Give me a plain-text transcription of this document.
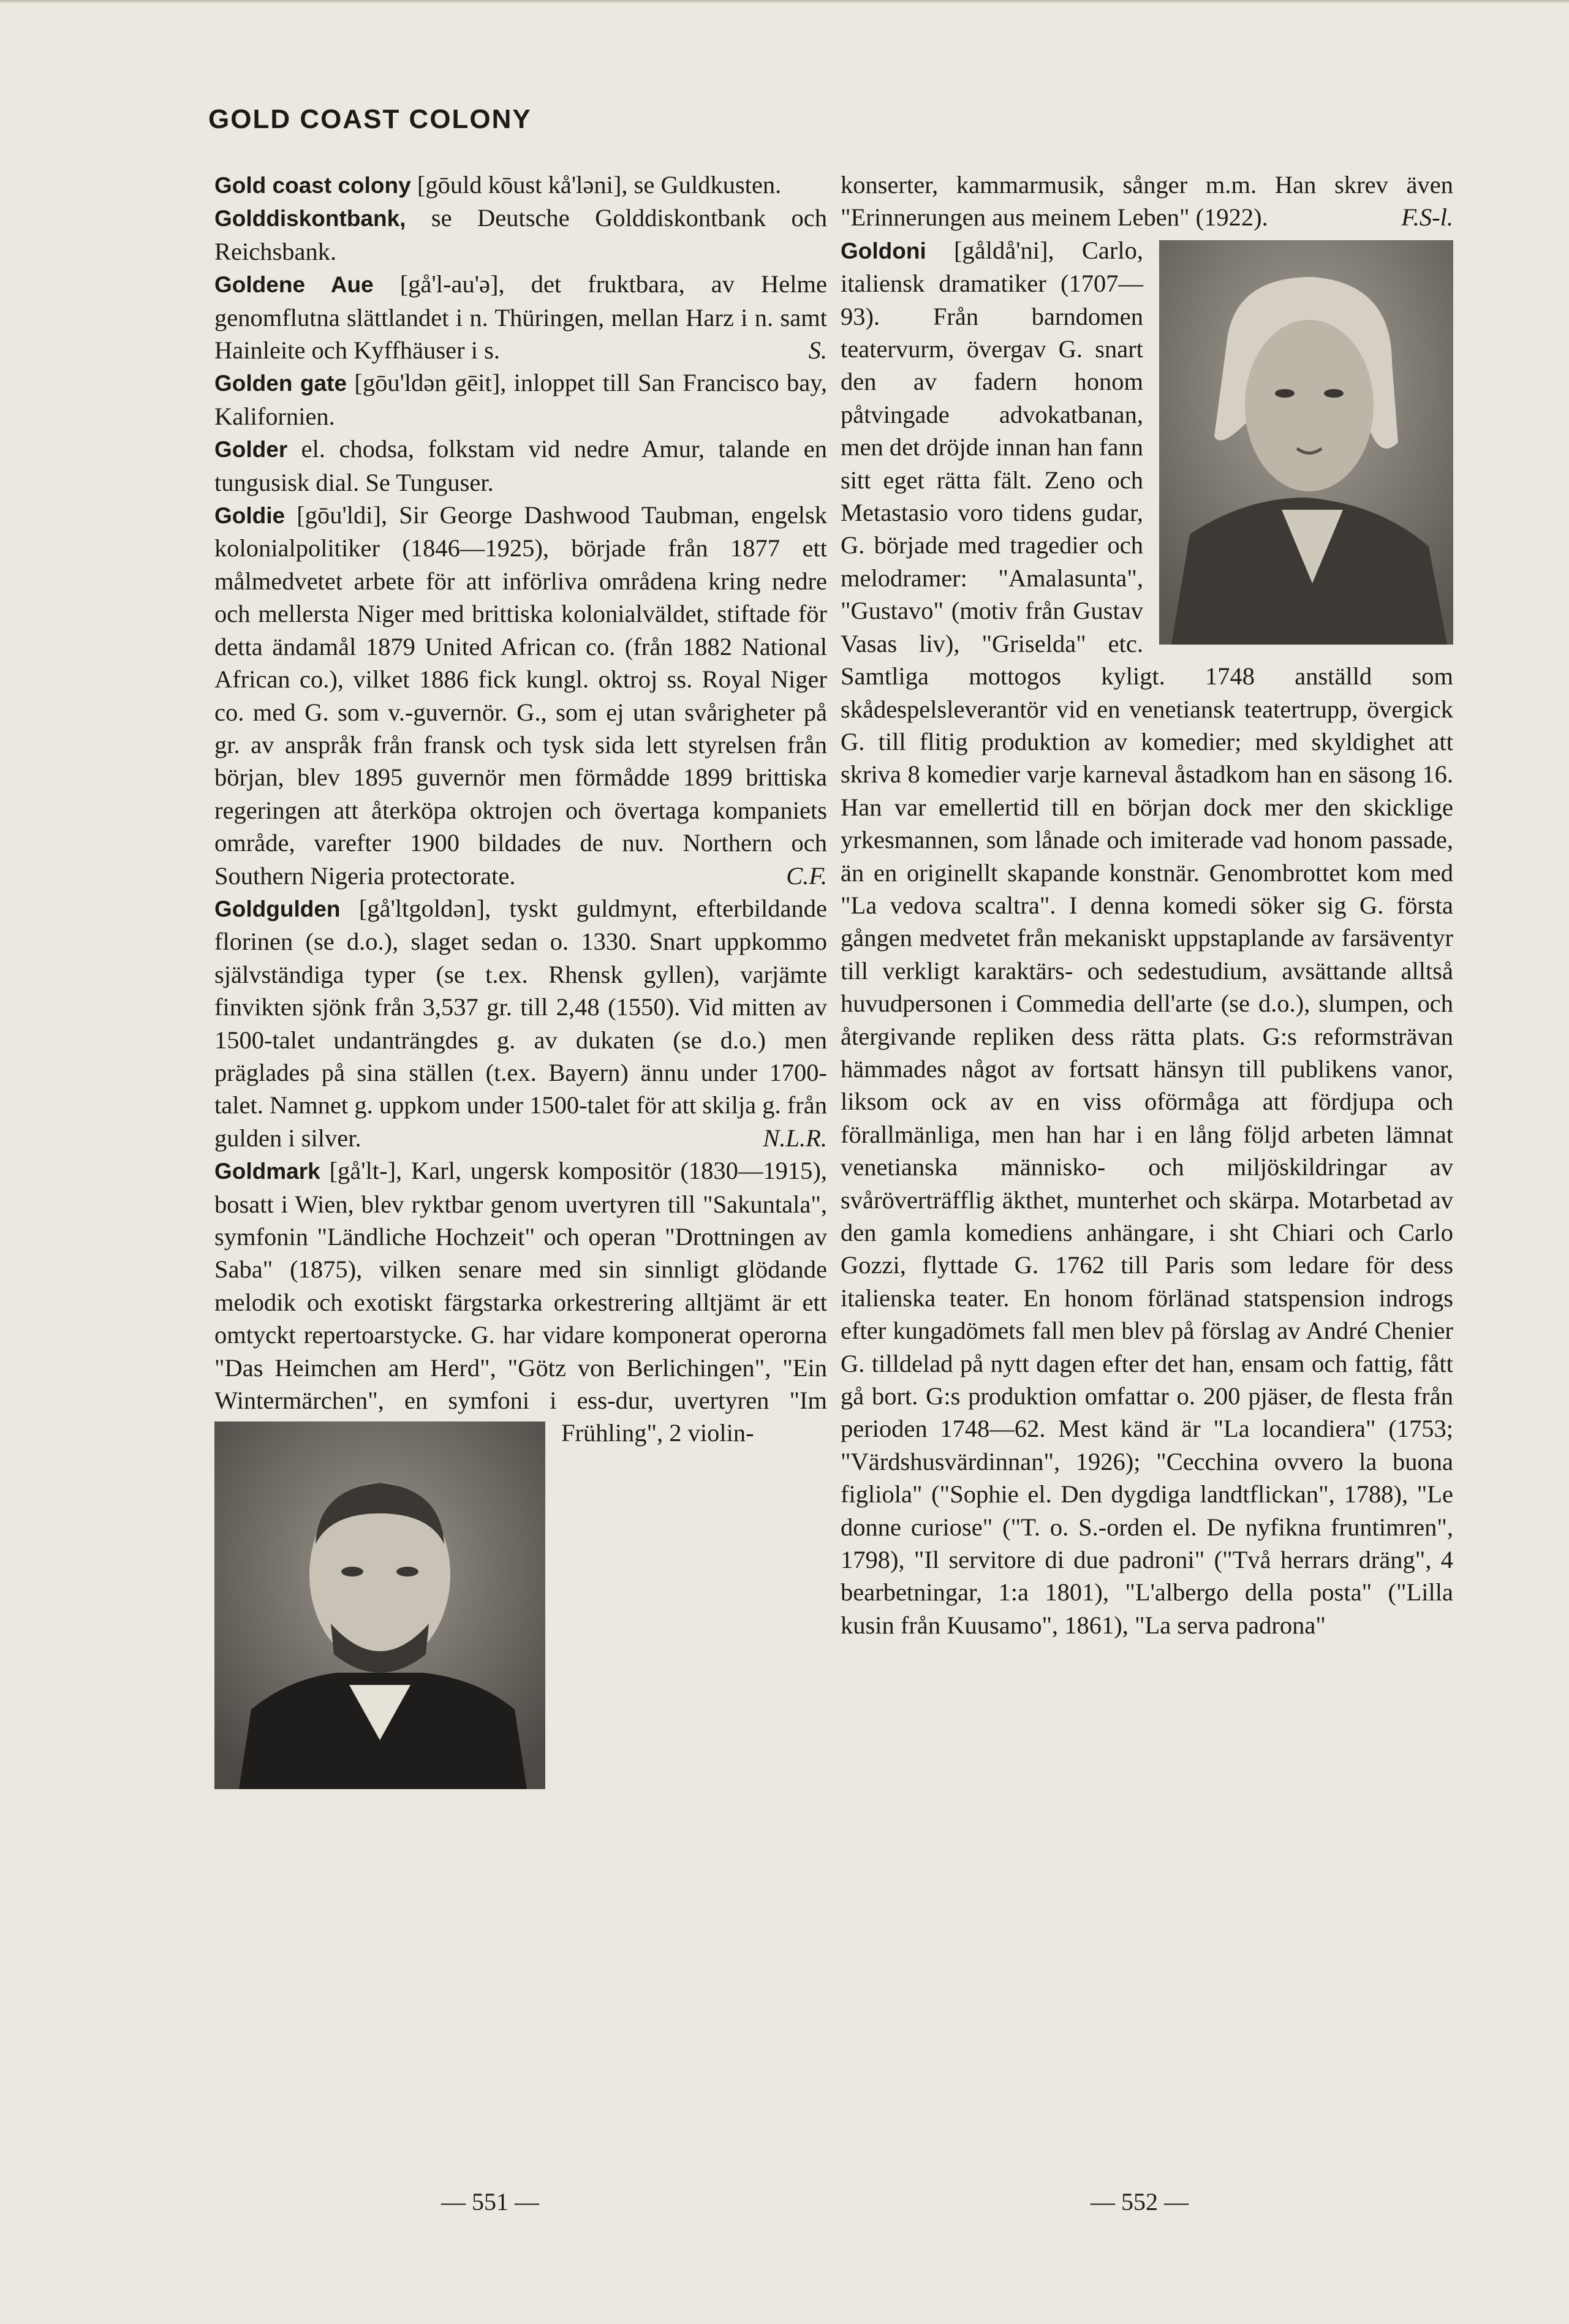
GOLD COAST COLONY
Gold coast colony [gōuld kōust kå'ləni], se Guldkusten.
Golddiskontbank, se Deutsche Golddiskontbank och Reichsbank.
Goldene Aue [gå'l-au'ə], det fruktbara, av Helme genomflutna slättlandet i n. Thüringen, mellan Harz i n. samt Hainleite och Kyffhäuser i s.	S.
Golden gate [gōu'ldən gēit], inloppet till San Francisco bay, Kalifornien.
Golder el. chodsa, folkstam vid nedre Amur, talande en tungusisk dial. Se Tunguser.
Goldie [gōu'ldi], Sir George Dashwood Taubman, engelsk kolonialpolitiker (1846—1925), började från 1877 ett målmedvetet arbete för att införliva områdena kring nedre och mellersta Niger med brittiska kolonialväldet, stiftade för detta ändamål 1879 United African co. (från 1882 National African co.), vilket 1886 fick kungl. oktroj ss. Royal Niger co. med G. som v.-guvernör. G., som ej utan svårigheter på gr. av anspråk från fransk och tysk sida lett styrelsen från början, blev 1895 guvernör men förmådde 1899 brittiska regeringen att återköpa oktrojen och övertaga kompaniets område, varefter 1900 bildades de nuv. Northern och Southern Nigeria protectorate.	C.F.
Goldgulden [gå'ltgoldən], tyskt guldmynt, efterbildande florinen (se d.o.), slaget sedan o. 1330. Snart uppkommo självständiga typer (se t.ex. Rhensk gyllen), varjämte finvikten sjönk från 3,537 gr. till 2,48 (1550). Vid mitten av 1500-talet undanträngdes g. av dukaten (se d.o.) men präglades på sina ställen (t.ex. Bayern) ännu under 1700-talet. Namnet g. uppkom under 1500-talet för att skilja g. från gulden i silver.	N.L.R.
Goldmark [gå'lt-], Karl, ungersk kompositör (1830—1915), bosatt i Wien, blev ryktbar genom uvertyren till "Sakuntala", symfonin "Ländliche Hochzeit" och operan "Drottningen av Saba" (1875), vilken senare med sin sinnligt glödande melodik och exotiskt färgstarka orkestrering alltjämt är ett omtyckt repertoarstycke. G. har vidare komponerat operorna "Das Heimchen am Herd", "Götz von Berlichingen", "Ein Wintermärchen", en symfoni i ess-dur, uvertyren "Im Frühling", 2 violin-
konserter, kammarmusik, sånger m.m. Han skrev även "Erinnerungen aus meinem Leben" (1922).	F.S-l.
Goldoni [gåldå'ni], Carlo, italiensk dramatiker (1707—93). Från barndomen teatervurm, övergav G. snart den av fadern honom påtvingade advokatbanan, men det dröjde innan han fann sitt eget rätta fält. Zeno och Metastasio voro tidens gudar, G. började med tragedier och melodramer: "Amalasunta", "Gustavo" (motiv från Gustav Vasas liv), "Griselda" etc. Samtliga mottogos kyligt. 1748 anställd som skådespelsleverantör vid en venetiansk teatertrupp, övergick G. till flitig produktion av komedier; med skyldighet att skriva 8 komedier varje karneval åstadkom han en säsong 16. Han var emellertid till en början dock mer den skicklige yrkesmannen, som lånade och imiterade vad honom passade, än en originellt skapande konstnär. Genombrottet kom med "La vedova scaltra". I denna komedi söker sig G. första gången medvetet från mekaniskt uppstaplande av farsäventyr till verkligt karaktärs- och sedestudium, avsättande alltså huvudpersonen i Commedia dell'arte (se d.o.), slumpen, och återgivande repliken dess rätta plats. G:s reformsträvan hämmades något av fortsatt hänsyn till publikens vanor, liksom ock av en viss oförmåga att fördjupa och förallmänliga, men han har i en lång följd arbeten lämnat venetianska människo- och miljöskildringar av svåröverträfflig äkthet, munterhet och skärpa. Motarbetad av den gamla komediens anhängare, i sht Chiari och Carlo Gozzi, flyttade G. 1762 till Paris som ledare för dess italienska teater. En honom förlänad statspension indrogs efter kungadömets fall men blev på förslag av André Chenier G. tilldelad på nytt dagen efter det han, ensam och fattig, fått gå bort. G:s produktion omfattar o. 200 pjäser, de flesta från perioden 1748—62. Mest känd är "La locandiera" (1753; "Värdshusvärdinnan", 1926); "Cecchina ovvero la buona figliola" ("Sophie el. Den dygdiga landtflickan", 1788), "Le donne curiose" ("T. o. S.-orden el. De nyfikna fruntimren", 1798), "Il servitore di due padroni" ("Två herrars dräng", 4 bearbetningar, 1:a 1801), "L'albergo della posta" ("Lilla kusin från Kuusamo", 1861), "La serva padrona"
— 551 —	— 552 —
